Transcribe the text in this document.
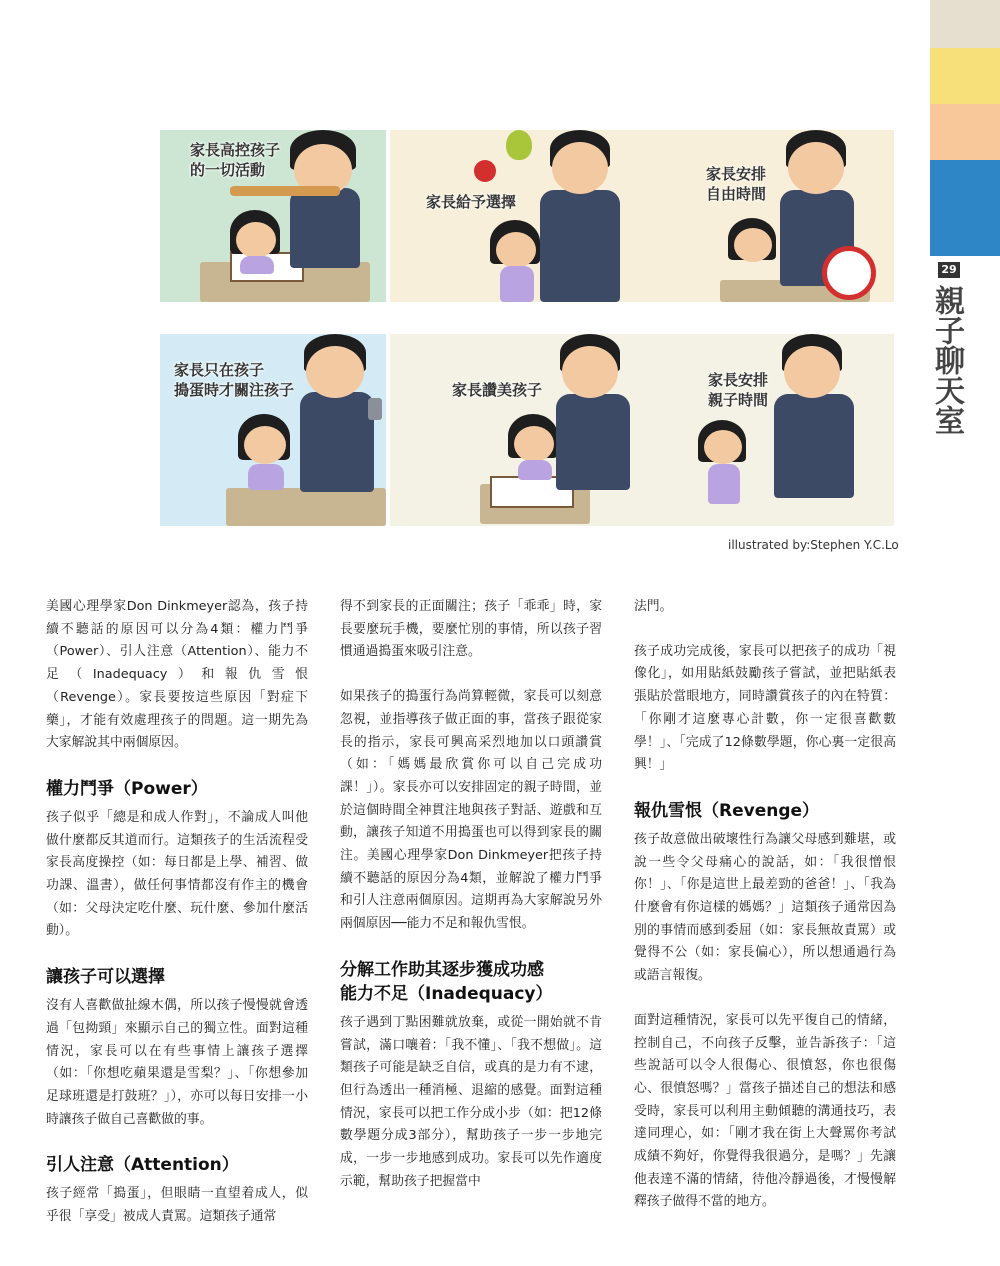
29
親子聊天室
家長高控孩子
的一切活動
家長給予選擇
家長安排
自由時間
家長只在孩子
搗蛋時才關注孩子	家長讚美孩子
家長安排
親子時間
illustrated by:Stephen Y.C.Lo

美國心理學家Don Dinkmeyer認為，孩子持續不聽話的原因可以分為4類：權力鬥爭（Power）、引人注意（Attention）、能力不足（Inadequacy）和報仇雪恨（Revenge）。家長要按這些原因「對症下藥」，才能有效處理孩子的問題。這一期先為大家解說其中兩個原因。

權力鬥爭（Power）

孩子似乎「總是和成人作對」，不論成人叫他做什麼都反其道而行。這類孩子的生活流程受家長高度操控（如：每日都是上學、補習、做功課、溫書），做任何事情都沒有作主的機會（如：父母決定吃什麼、玩什麼、參加什麼活動）。

讓孩子可以選擇

沒有人喜歡做扯線木偶，所以孩子慢慢就會透過「包拗頸」來顯示自己的獨立性。面對這種情況，家長可以在有些事情上讓孩子選擇（如：「你想吃蘋果還是雪梨？」、「你想參加足球班還是打鼓班？」），亦可以每日安排一小時讓孩子做自己喜歡做的事。

引人注意（Attention）

孩子經常「搗蛋」，但眼睛一直望着成人，似乎很「享受」被成人責罵。這類孩子通常

得不到家長的正面關注；孩子「乖乖」時，家長要麼玩手機，要麼忙別的事情，所以孩子習慣通過搗蛋來吸引注意。

如果孩子的搗蛋行為尚算輕微，家長可以刻意忽視，並指導孩子做正面的事，當孩子跟從家長的指示，家長可興高采烈地加以口頭讚賞（如：「媽媽最欣賞你可以自己完成功課！」）。家長亦可以安排固定的親子時間，並於這個時間全神貫注地與孩子對話、遊戲和互動，讓孩子知道不用搗蛋也可以得到家長的關注。美國心理學家Don Dinkmeyer把孩子持續不聽話的原因分為4類，並解說了權力鬥爭和引人注意兩個原因。這期再為大家解說另外兩個原因──能力不足和報仇雪恨。

分解工作助其逐步獲成功感
能力不足（Inadequacy）

孩子遇到丁點困難就放棄，或從一開始就不肯嘗試，滿口嚷着：「我不懂」、「我不想做」。這類孩子可能是缺乏自信，或真的是力有不逮，但行為透出一種消極、退縮的感覺。面對這種情況，家長可以把工作分成小步（如：把12條數學題分成3部分），幫助孩子一步一步地完成，一步一步地感到成功。家長可以先作適度示範，幫助孩子把握當中

法門。

孩子成功完成後，家長可以把孩子的成功「視像化」，如用貼紙鼓勵孩子嘗試，並把貼紙表張貼於當眼地方，同時讚賞孩子的內在特質：「你剛才這麼專心計數，你一定很喜歡數學！」、「完成了12條數學題，你心裏一定很高興！」

報仇雪恨（Revenge）

孩子故意做出破壞性行為讓父母感到難堪，或說一些令父母痛心的說話，如：「我很憎恨你！」、「你是這世上最差勁的爸爸！」、「我為什麼會有你這樣的媽媽？」這類孩子通常因為別的事情而感到委屈（如：家長無故責罵）或覺得不公（如：家長偏心），所以想通過行為或語言報復。

面對這種情況，家長可以先平復自己的情緒，控制自己，不向孩子反擊，並告訴孩子：「這些說話可以令人很傷心、很憤怒，你也很傷心、很憤怒嗎？」當孩子描述自己的想法和感受時，家長可以利用主動傾聽的溝通技巧，表達同理心，如：「剛才我在街上大聲罵你考試成績不夠好，你覺得我很過分，是嗎？」先讓他表達不滿的情緒，待他冷靜過後，才慢慢解釋孩子做得不當的地方。
